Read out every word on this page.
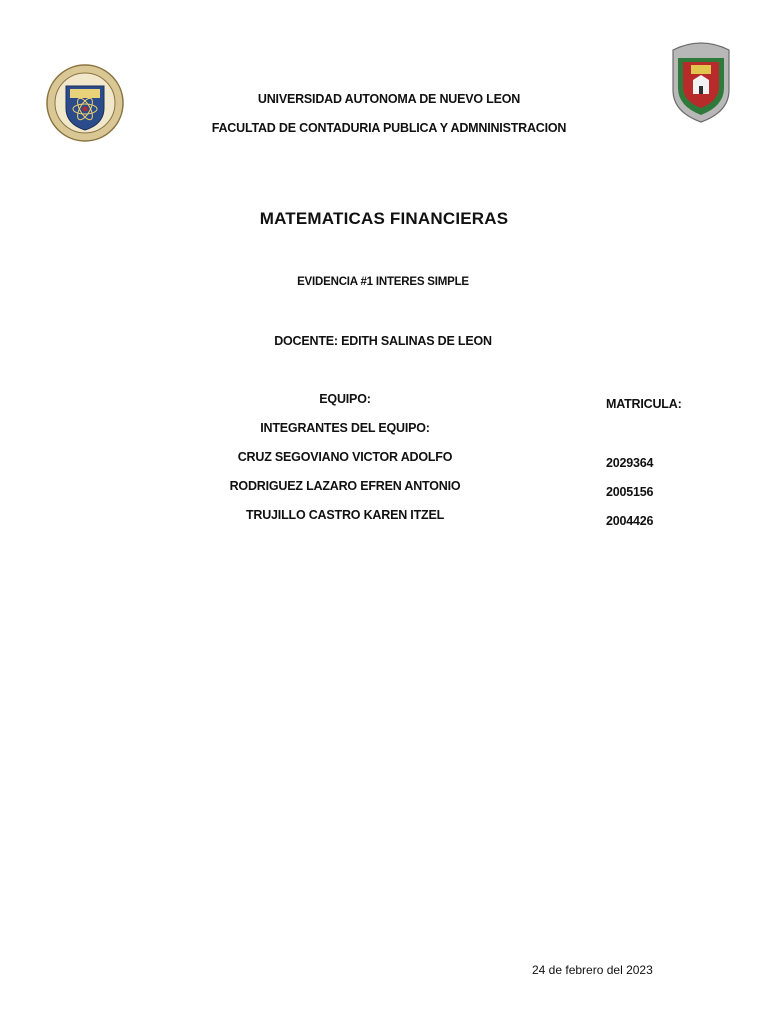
UNIVERSIDAD AUTONOMA DE NUEVO LEON
FACULTAD DE CONTADURIA PUBLICA Y ADMNINISTRACION
MATEMATICAS FINANCIERAS
EVIDENCIA #1 INTERES SIMPLE
DOCENTE: EDITH SALINAS DE LEON
EQUIPO:	MATRICULA:
INTEGRANTES DEL EQUIPO:
CRUZ SEGOVIANO VICTOR ADOLFO	2029364
RODRIGUEZ LAZARO EFREN ANTONIO	2005156
TRUJILLO CASTRO KAREN ITZEL	2004426
24 de febrero del 2023
